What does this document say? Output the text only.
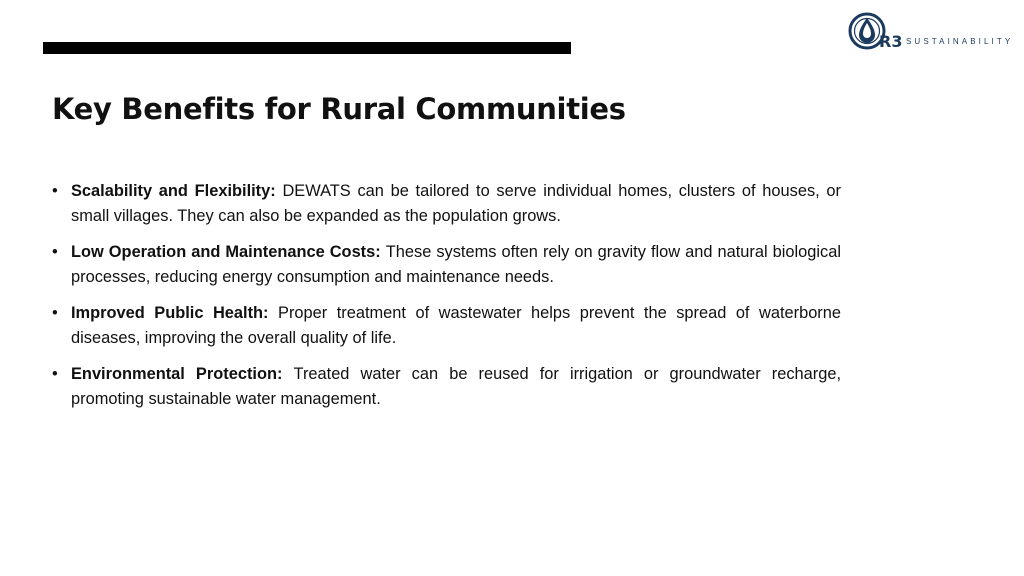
R3 SUSTAINABILITY
Key Benefits for Rural Communities
• Scalability and Flexibility: DEWATS can be tailored to serve individual homes, clusters of houses, or small villages. They can also be expanded as the population grows.
• Low Operation and Maintenance Costs: These systems often rely on gravity flow and natural biological processes, reducing energy consumption and maintenance needs.
• Improved Public Health: Proper treatment of wastewater helps prevent the spread of waterborne diseases, improving the overall quality of life.
• Environmental Protection: Treated water can be reused for irrigation or groundwater recharge, promoting sustainable water management.
